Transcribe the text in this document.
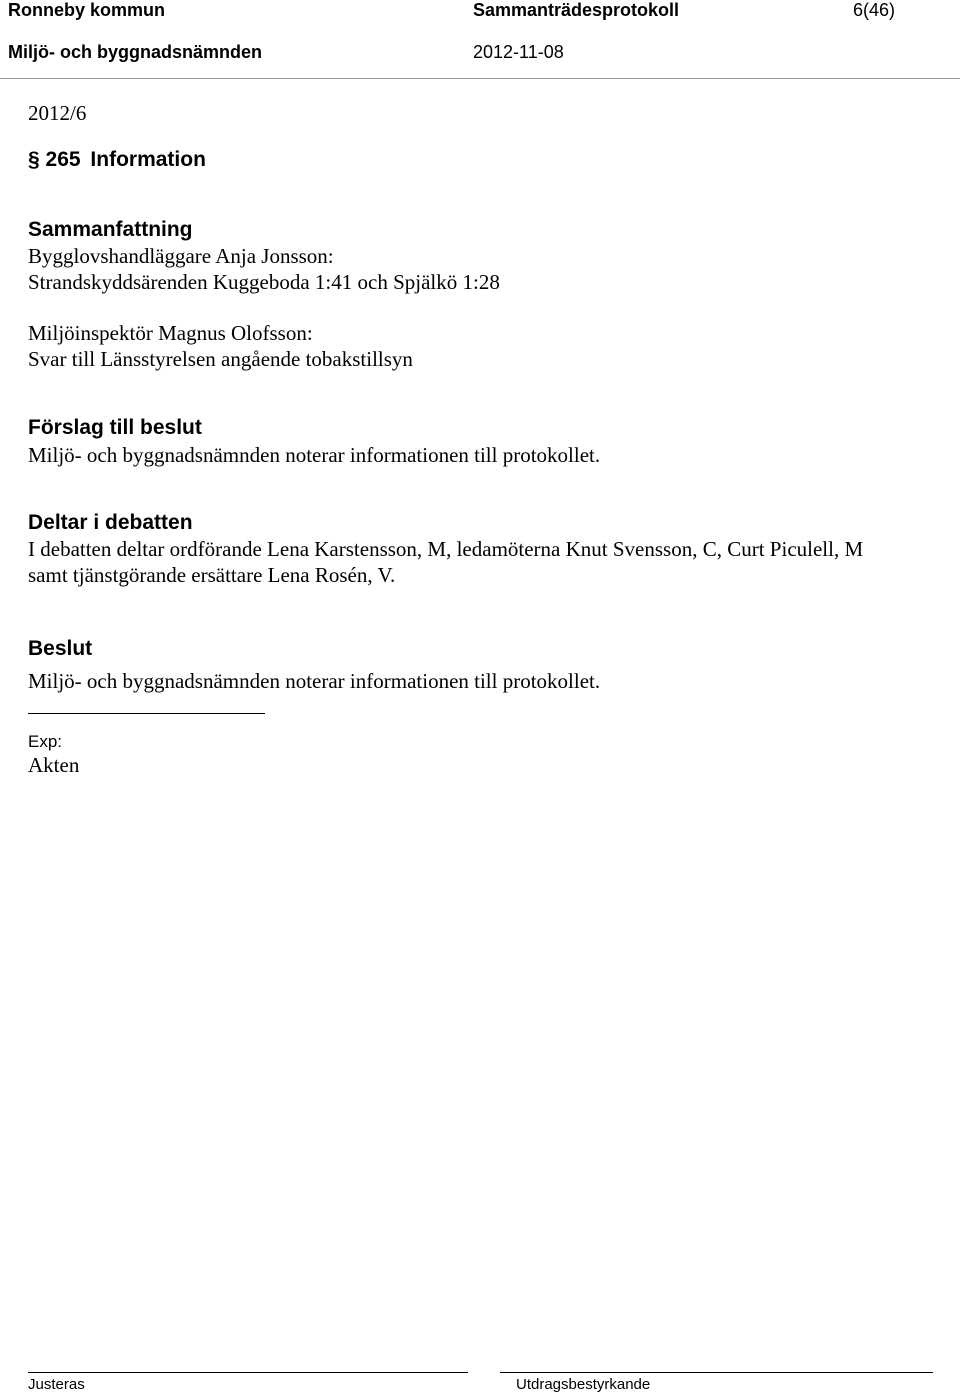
Ronneby kommun	Sammanträdesprotokoll	6(46)
Miljö- och byggnadsnämnden	2012-11-08
2012/6
§ 265 Information
Sammanfattning
Bygglovshandläggare Anja Jonsson:
Strandskyddsärenden Kuggeboda 1:41 och Spjälkö 1:28
Miljöinspektör Magnus Olofsson:
Svar till Länsstyrelsen angående tobakstillsyn
Förslag till beslut
Miljö- och byggnadsnämnden noterar informationen till protokollet.
Deltar i debatten
I debatten deltar ordförande Lena Karstensson, M, ledamöterna Knut Svensson, C, Curt Piculell, M
samt tjänstgörande ersättare Lena Rosén, V.
Beslut
Miljö- och byggnadsnämnden noterar informationen till protokollet.
Exp:
Akten
Justeras	Utdragsbestyrkande
